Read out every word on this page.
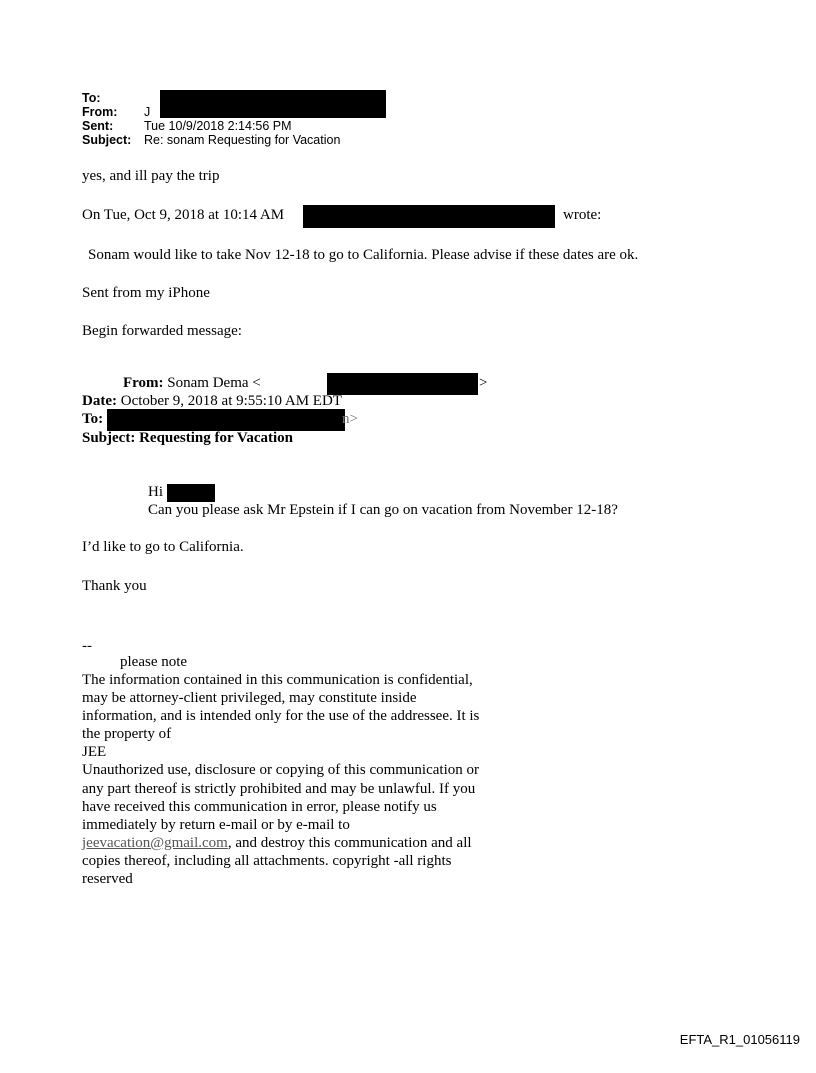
To:
From: J
Sent: Tue 10/9/2018 2:14:56 PM
Subject: Re: sonam Requesting for Vacation
yes, and ill pay the trip
On Tue, Oct 9, 2018 at 10:14 AM	wrote:
Sonam would like to take Nov 12-18 to go to California. Please advise if these dates are ok.
Sent from my iPhone
Begin forwarded message:
From: Sonam Dema <	>
Date: October 9, 2018 at 9:55:10 AM EDT
To:	n>
Subject: Requesting for Vacation
Hi
Can you please ask Mr Epstein if I can go on vacation from November 12-18?
I’d like to go to California.
Thank you
--
please note
The information contained in this communication is confidential, may be attorney-client privileged, may constitute inside information, and is intended only for the use of the addressee. It is the property of
JEE
Unauthorized use, disclosure or copying of this communication or any part thereof is strictly prohibited and may be unlawful. If you have received this communication in error, please notify us immediately by return e-mail or by e-mail to jeevacation@gmail.com, and destroy this communication and all copies thereof, including all attachments. copyright -all rights reserved
EFTA_R1_01056119
